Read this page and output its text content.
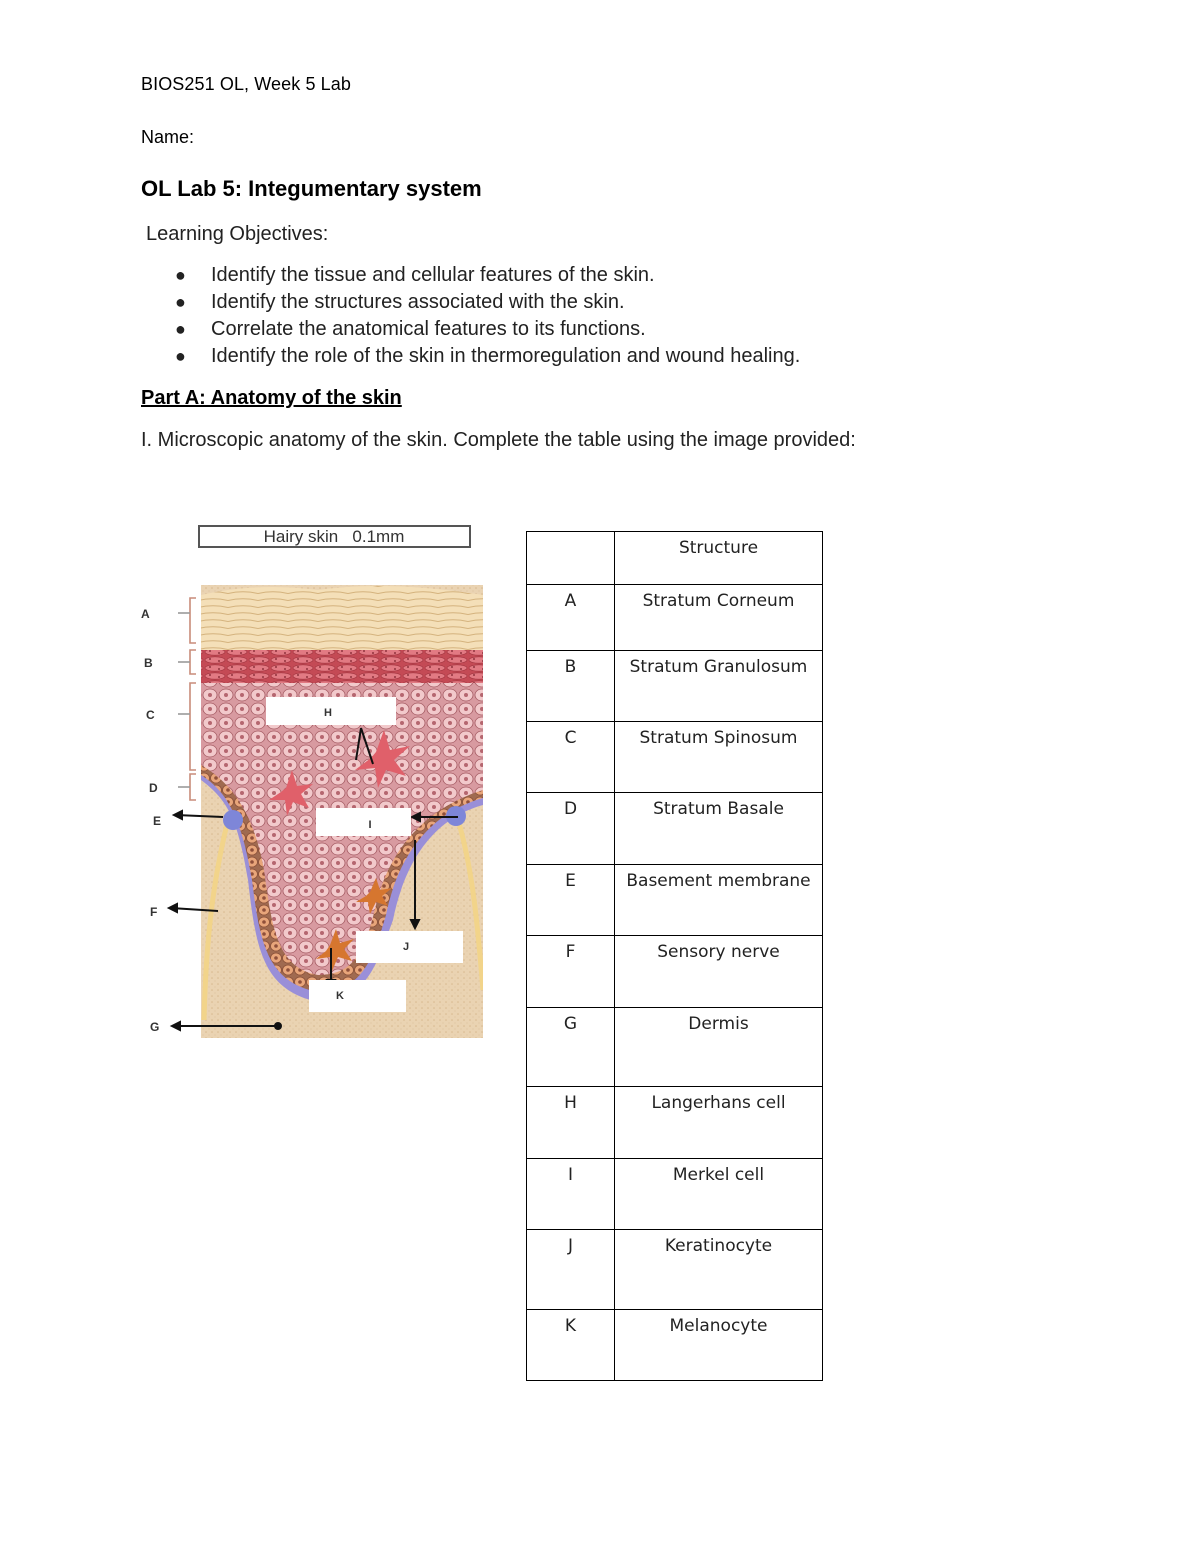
BIOS251 OL, Week 5 Lab
Name:
OL Lab 5: Integumentary system
Learning Objectives:
● Identify the tissue and cellular features of the skin.
● Identify the structures associated with the skin.
● Correlate the anatomical features to its functions.
● Identify the role of the skin in thermoregulation and wound healing.
Part A: Anatomy of the skin
I. Microscopic anatomy of the skin. Complete the table using the image provided:
Hairy skin   0.1mm
A
B
C
D
E
F
G
H
I
J
K
	Structure
A	Stratum Corneum
B	Stratum Granulosum
C	Stratum Spinosum
D	Stratum Basale
E	Basement membrane
F	Sensory nerve
G	Dermis
H	Langerhans cell
I	Merkel cell
J	Keratinocyte
K	Melanocyte
